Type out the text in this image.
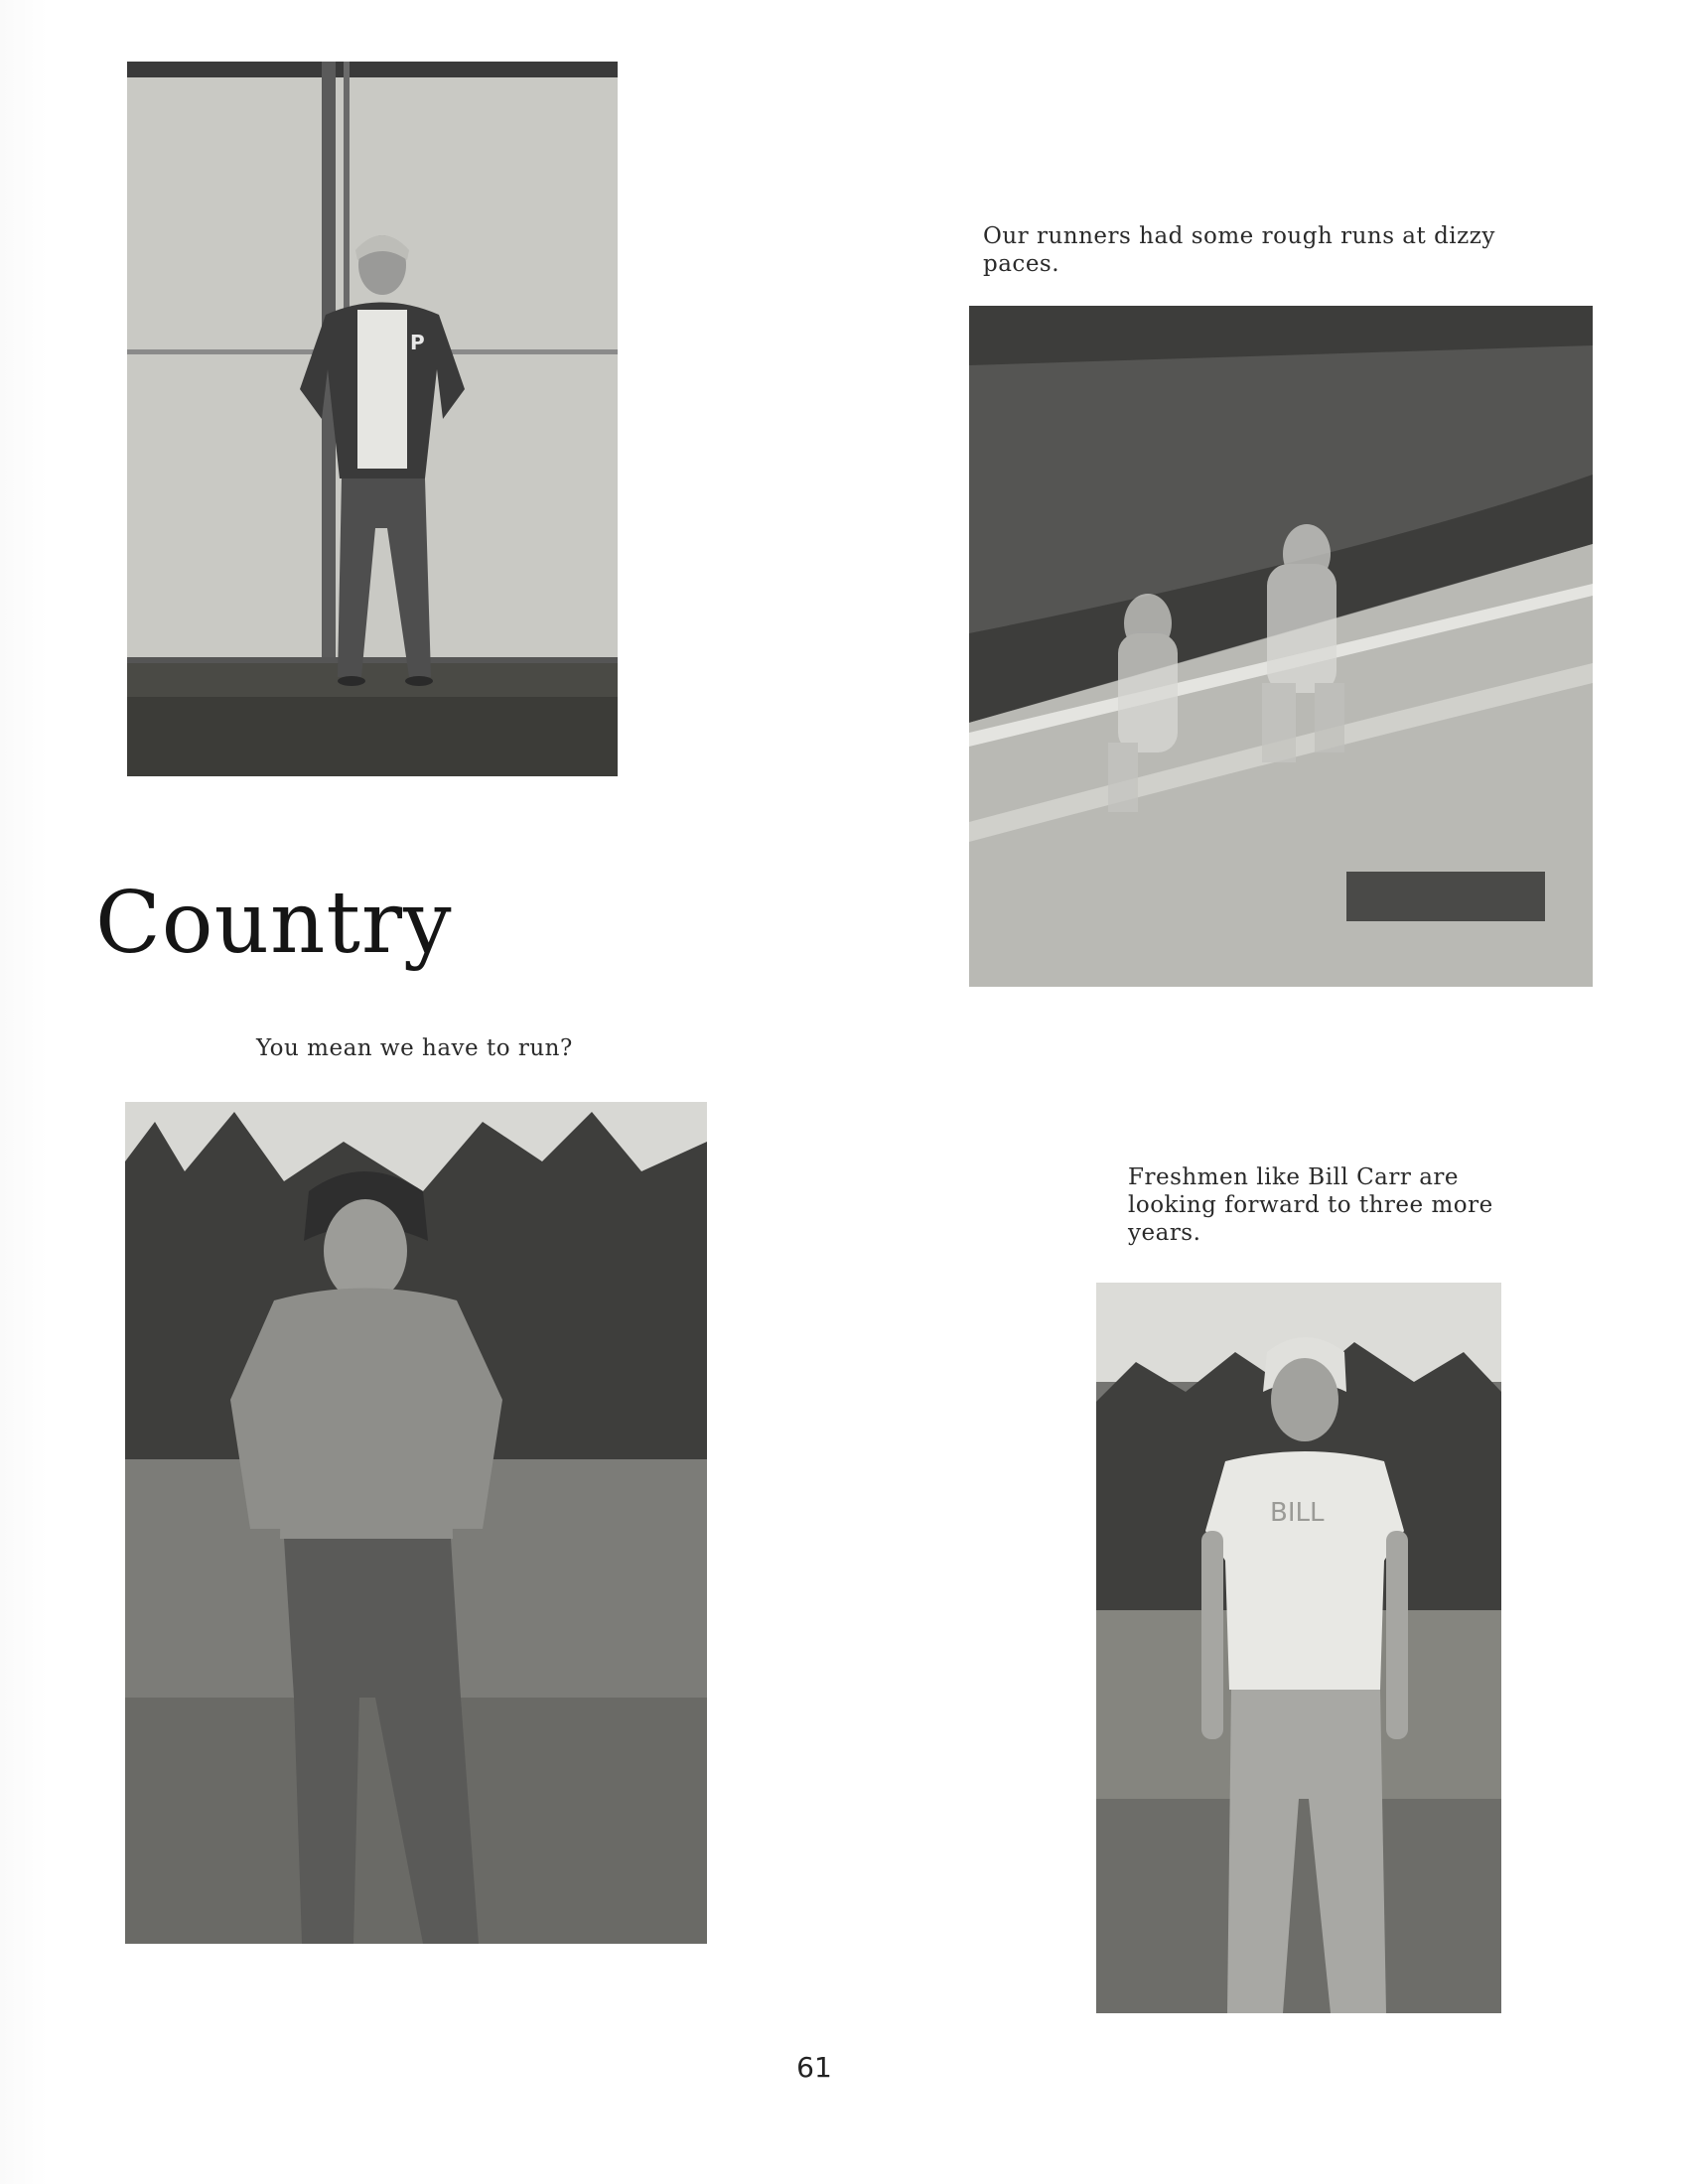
P

Our runners had some rough runs at dizzy paces.

Country

You mean we have to run?

Freshmen like Bill Carr are looking forward to three more years.

BILL
61
